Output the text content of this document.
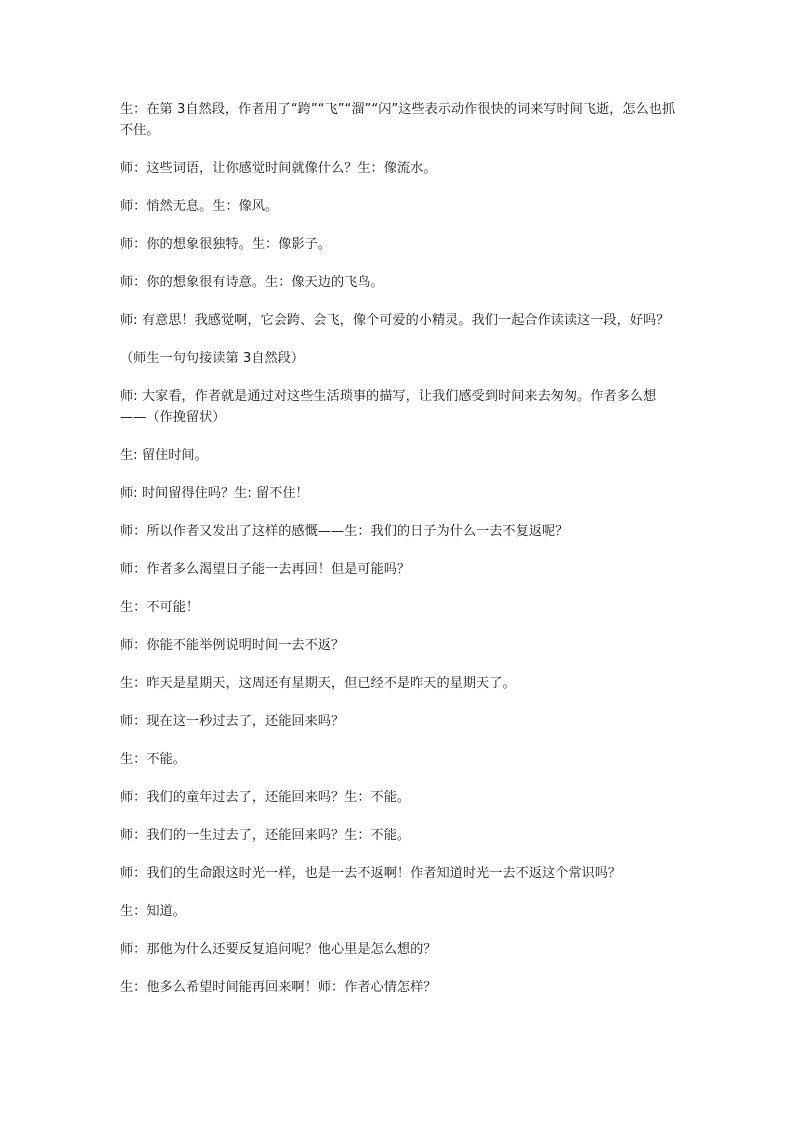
生：在第 3自然段，作者用了“跨”“飞”“溜”“闪”这些表示动作很快的词来写时间飞逝，怎么也抓不住。

师：这些词语，让你感觉时间就像什么？生：像流水。

师：悄然无息。生：像风。

师：你的想象很独特。生：像影子。

师：你的想象很有诗意。生：像天边的飞鸟。

师: 有意思！我感觉啊，它会跨、会飞，像个可爱的小精灵。我们一起合作读读这一段，好吗？

（师生一句句接读第 3自然段）

师: 大家看，作者就是通过对这些生活琐事的描写，让我们感受到时间来去匆匆。作者多么想——（作挽留状）

生: 留住时间。

师: 时间留得住吗？生: 留不住！

师：所以作者又发出了这样的感慨——生：我们的日子为什么一去不复返呢？

师：作者多么渴望日子能一去再回！但是可能吗？

生：不可能！

师：你能不能举例说明时间一去不返？

生：昨天是星期天，这周还有星期天，但已经不是昨天的星期天了。

师：现在这一秒过去了，还能回来吗？

生：不能。

师：我们的童年过去了，还能回来吗？生：不能。

师：我们的一生过去了，还能回来吗？生：不能。

师：我们的生命跟这时光一样，也是一去不返啊！作者知道时光一去不返这个常识吗？

生：知道。

师：那他为什么还要反复追问呢？他心里是怎么想的？

生：他多么希望时间能再回来啊！师：作者心情怎样？
